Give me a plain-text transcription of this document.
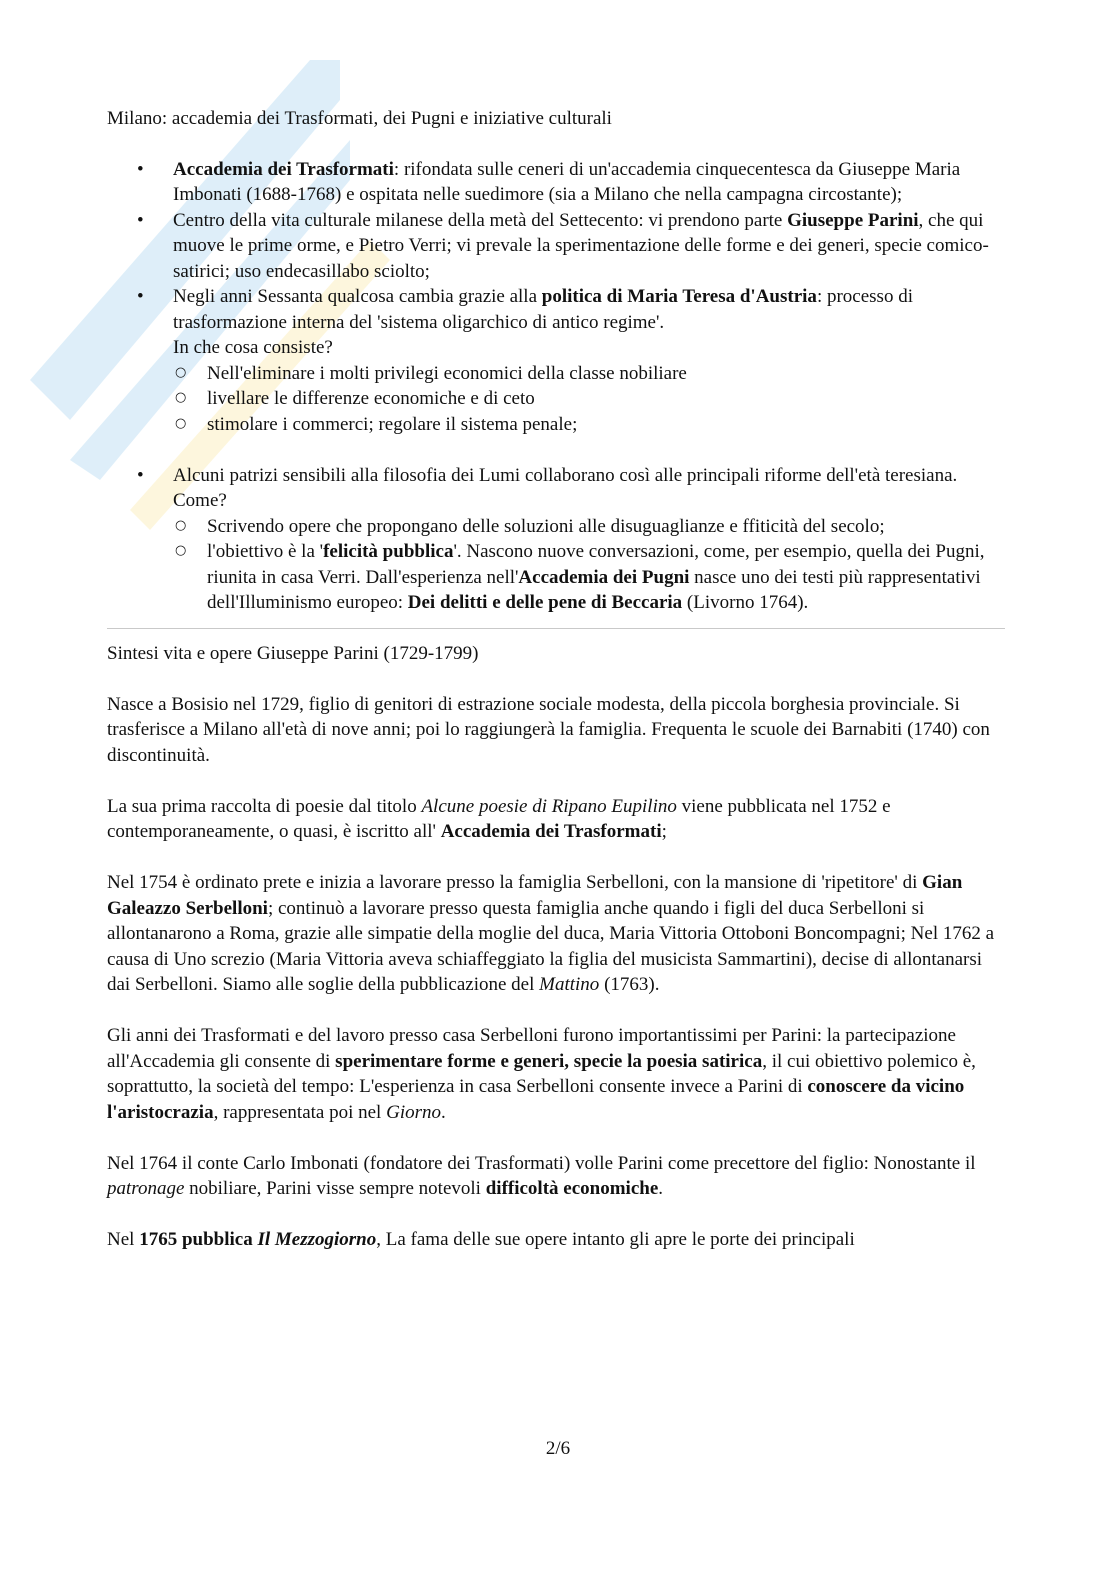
Milano: accademia dei Trasformati, dei Pugni e iniziative culturali

• Accademia dei Trasformati: rifondata sulle ceneri di un'accademia cinquecentesca da Giuseppe Maria Imbonati (1688-1768) e ospitata nelle suedimore (sia a Milano che nella campagna circostante);
• Centro della vita culturale milanese della metà del Settecento: vi prendono parte Giuseppe Parini, che qui muove le prime orme, e Pietro Verri; vi prevale la sperimentazione delle forme e dei generi, specie comico-satirici; uso endecasillabo sciolto;
• Negli anni Sessanta qualcosa cambia grazie alla politica di Maria Teresa d'Austria: processo di trasformazione interna del 'sistema oligarchico di antico regime'.
In che cosa consiste?
○ Nell'eliminare i molti privilegi economici della classe nobiliare
○ livellare le differenze economiche e di ceto
○ stimolare i commerci; regolare il sistema penale;
• Alcuni patrizi sensibili alla filosofia dei Lumi collaborano così alle principali riforme dell'età teresiana. Come?
○ Scrivendo opere che propongano delle soluzioni alle disuguaglianze e ffiticità del secolo;
○ l'obiettivo è la 'felicità pubblica'. Nascono nuove conversazioni, come, per esempio, quella dei Pugni, riunita in casa Verri. Dall'esperienza nell'Accademia dei Pugni nasce uno dei testi più rappresentativi dell'Illuminismo europeo: Dei delitti e delle pene di Beccaria (Livorno 1764).

Sintesi vita e opere Giuseppe Parini (1729-1799)

Nasce a Bosisio nel 1729, figlio di genitori di estrazione sociale modesta, della piccola borghesia provinciale. Si trasferisce a Milano all'età di nove anni; poi lo raggiungerà la famiglia. Frequenta le scuole dei Barnabiti (1740) con discontinuità.

La sua prima raccolta di poesie dal titolo Alcune poesie di Ripano Eupilino viene pubblicata nel 1752 e contemporaneamente, o quasi, è iscritto all' Accademia dei Trasformati;

Nel 1754 è ordinato prete e inizia a lavorare presso la famiglia Serbelloni, con la mansione di 'ripetitore' di Gian Galeazzo Serbelloni; continuò a lavorare presso questa famiglia anche quando i figli del duca Serbelloni si allontanarono a Roma, grazie alle simpatie della moglie del duca, Maria Vittoria Ottoboni Boncompagni; Nel 1762 a causa di Uno screzio (Maria Vittoria aveva schiaffeggiato la figlia del musicista Sammartini), decise di allontanarsi dai Serbelloni. Siamo alle soglie della pubblicazione del Mattino (1763).

Gli anni dei Trasformati e del lavoro presso casa Serbelloni furono importantissimi per Parini: la partecipazione all'Accademia gli consente di sperimentare forme e generi, specie la poesia satirica, il cui obiettivo polemico è, soprattutto, la società del tempo: L'esperienza in casa Serbelloni consente invece a Parini di conoscere da vicino l'aristocrazia, rappresentata poi nel Giorno.

Nel 1764 il conte Carlo Imbonati (fondatore dei Trasformati) volle Parini come precettore del figlio: Nonostante il patronage nobiliare, Parini visse sempre notevoli difficoltà economiche.

Nel 1765 pubblica Il Mezzogiorno, La fama delle sue opere intanto gli apre le porte dei principali

2/6
